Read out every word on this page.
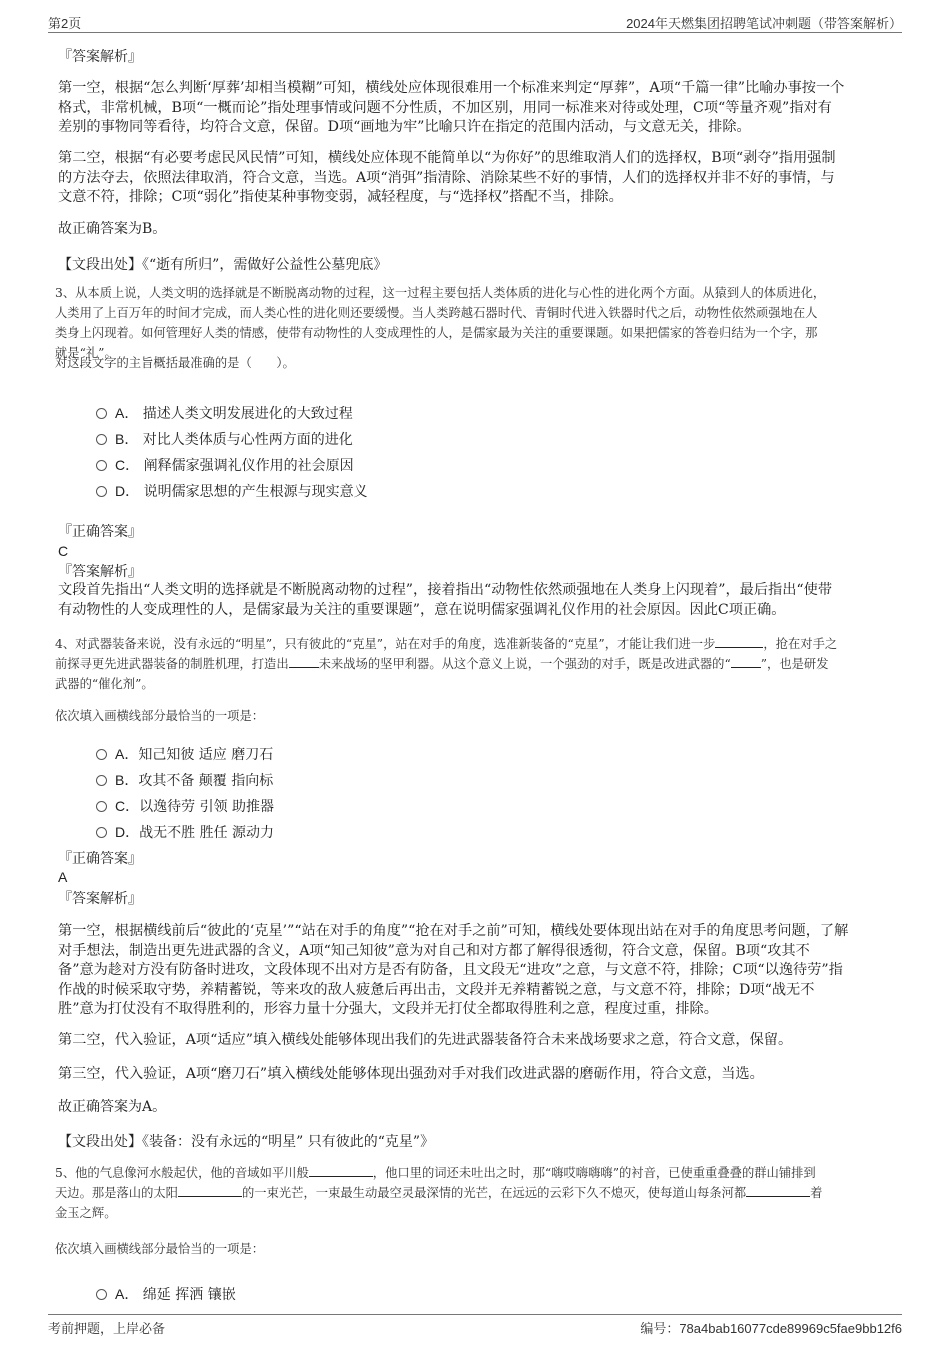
第2页	2024年天燃集团招聘笔试冲刺题（带答案解析）
『答案解析』
第一空，根据“怎么判断‘厚葬’却相当模糊”可知，横线处应体现很难用一个标准来判定“厚葬”，A项“千篇一律”比喻办事按一个
格式，非常机械，B项“一概而论”指处理事情或问题不分性质，不加区别，用同一标准来对待或处理，C项“等量齐观”指对有
差别的事物同等看待，均符合文意，保留。D项“画地为牢”比喻只许在指定的范围内活动，与文意无关，排除。
第二空，根据“有必要考虑民风民情”可知，横线处应体现不能简单以“为你好”的思维取消人们的选择权，B项“剥夺”指用强制
的方法夺去，依照法律取消，符合文意，当选。A项“消弭”指清除、消除某些不好的事情，人们的选择权并非不好的事情，与
文意不符，排除；C项“弱化”指使某种事物变弱，减轻程度，与“选择权”搭配不当，排除。
故正确答案为B。
【文段出处】《“逝有所归”，需做好公益性公墓兜底》
3、从本质上说，人类文明的选择就是不断脱离动物的过程，这一过程主要包括人类体质的进化与心性的进化两个方面。从猿到人的体质进化，
人类用了上百万年的时间才完成，而人类心性的进化则还要缓慢。当人类跨越石器时代、青铜时代进入铁器时代之后，动物性依然顽强地在人
类身上闪现着。如何管理好人类的情感，使带有动物性的人变成理性的人，是儒家最为关注的重要课题。如果把儒家的答卷归结为一个字，那
就是“礼”。
对这段文字的主旨概括最准确的是（　　）。
A． 描述人类文明发展进化的大致过程
B． 对比人类体质与心性两方面的进化
C． 阐释儒家强调礼仪作用的社会原因
D． 说明儒家思想的产生根源与现实意义
『正确答案』
C
『答案解析』
文段首先指出“人类文明的选择就是不断脱离动物的过程”，接着指出“动物性依然顽强地在人类身上闪现着”，最后指出“使带
有动物性的人变成理性的人，是儒家最为关注的重要课题”，意在说明儒家强调礼仪作用的社会原因。因此C项正确。
4、对武器装备来说，没有永远的“明星”，只有彼此的“克星”，站在对手的角度，选准新装备的“克星”，才能让我们进一步	，抢在对手之
前探寻更先进武器装备的制胜机理，打造出 未来战场的坚甲利器。从这个意义上说，一个强劲的对手，既是改进武器的“ ”，也是研发
武器的“催化剂”。
依次填入画横线部分最恰当的一项是：
A．知己知彼 适应 磨刀石
B．攻其不备 颠覆 指向标
C．以逸待劳 引领 助推器
D．战无不胜 胜任 源动力
『正确答案』
A
『答案解析』
第一空，根据横线前后“彼此的‘克星’”“站在对手的角度”“抢在对手之前”可知，横线处要体现出站在对手的角度思考问题，了解
对手想法，制造出更先进武器的含义，A项“知己知彼”意为对自己和对方都了解得很透彻，符合文意，保留。B项“攻其不
备”意为趁对方没有防备时进攻，文段体现不出对方是否有防备，且文段无“进攻”之意，与文意不符，排除；C项“以逸待劳”指
作战的时候采取守势，养精蓄锐，等来攻的敌人疲惫后再出击，文段并无养精蓄锐之意，与文意不符，排除；D项“战无不
胜”意为打仗没有不取得胜利的，形容力量十分强大，文段并无打仗全都取得胜利之意，程度过重，排除。
第二空，代入验证，A项“适应”填入横线处能够体现出我们的先进武器装备符合未来战场要求之意，符合文意，保留。
第三空，代入验证，A项“磨刀石”填入横线处能够体现出强劲对手对我们改进武器的磨砺作用，符合文意，当选。
故正确答案为A。
【文段出处】《装备：没有永远的“明星” 只有彼此的“克星”》
5、他的气息像河水般起伏，他的音域如平川般	，他口里的词还未吐出之时，那“嗨哎嗨嗨嗨”的衬音，已使重重叠叠的群山铺排到
天边。那是落山的太阳	的一束光芒，一束最生动最空灵最深情的光芒，在远远的云彩下久不熄灭，使每道山每条河都	着
金玉之辉。
依次填入画横线部分最恰当的一项是：
A． 绵延 挥洒 镶嵌
考前押题，上岸必备	编号：78a4bab16077cde89969c5fae9bb12f6
